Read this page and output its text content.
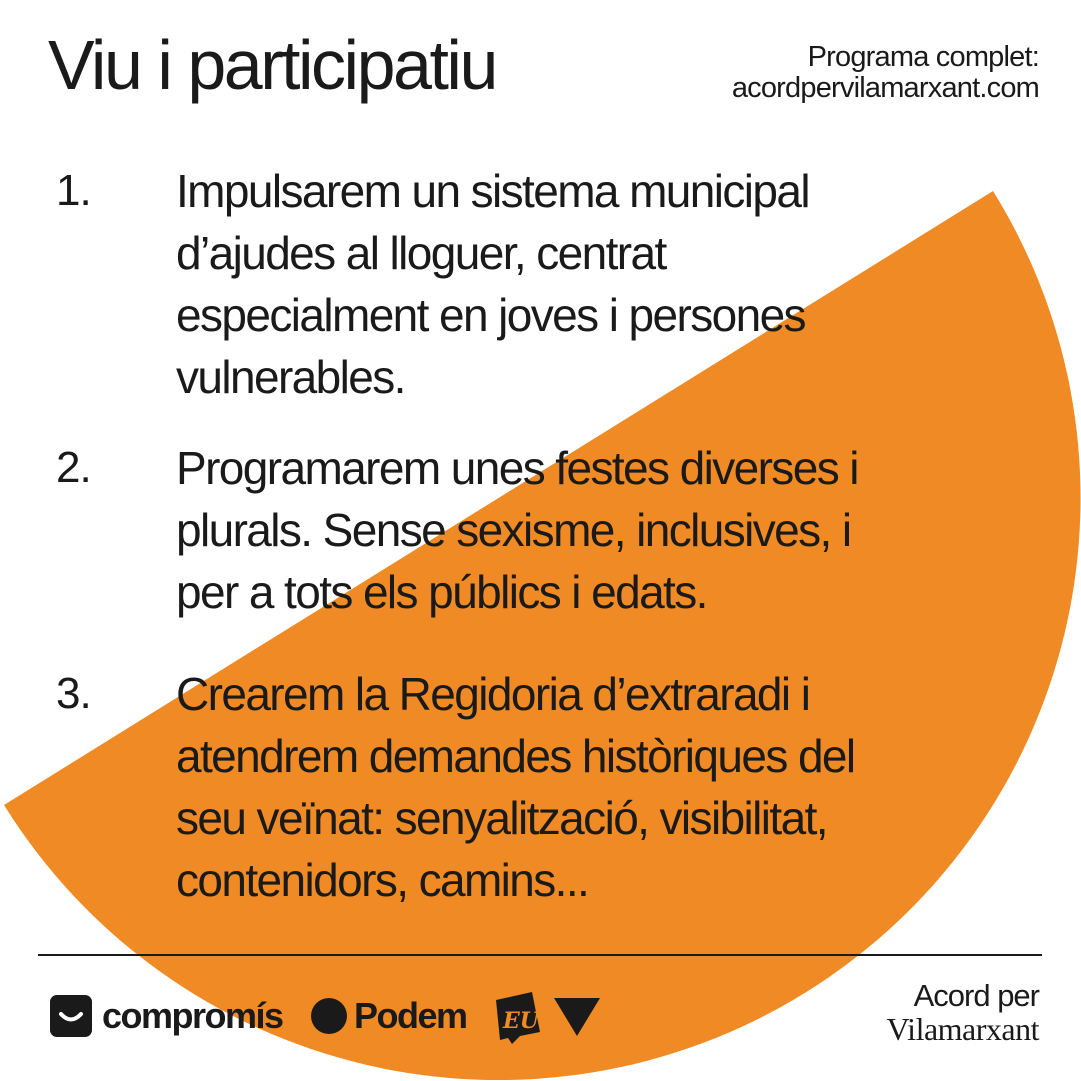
Viu i participatiu	Programa complet:
acordpervilamarxant.com
1. Impulsarem un sistema municipal
d’ajudes al lloguer, centrat
especialment en joves i persones
vulnerables.
2. Programarem unes festes diverses i
plurals. Sense sexisme, inclusives, i
per a tots els públics i edats.
3. Crearem la Regidoria d’extraradi i
atendrem demandes històriques del
seu veïnat: senyalització, visibilitat,
contenidors, camins...
compromís Podem EU
Acord per
Vilamarxant
